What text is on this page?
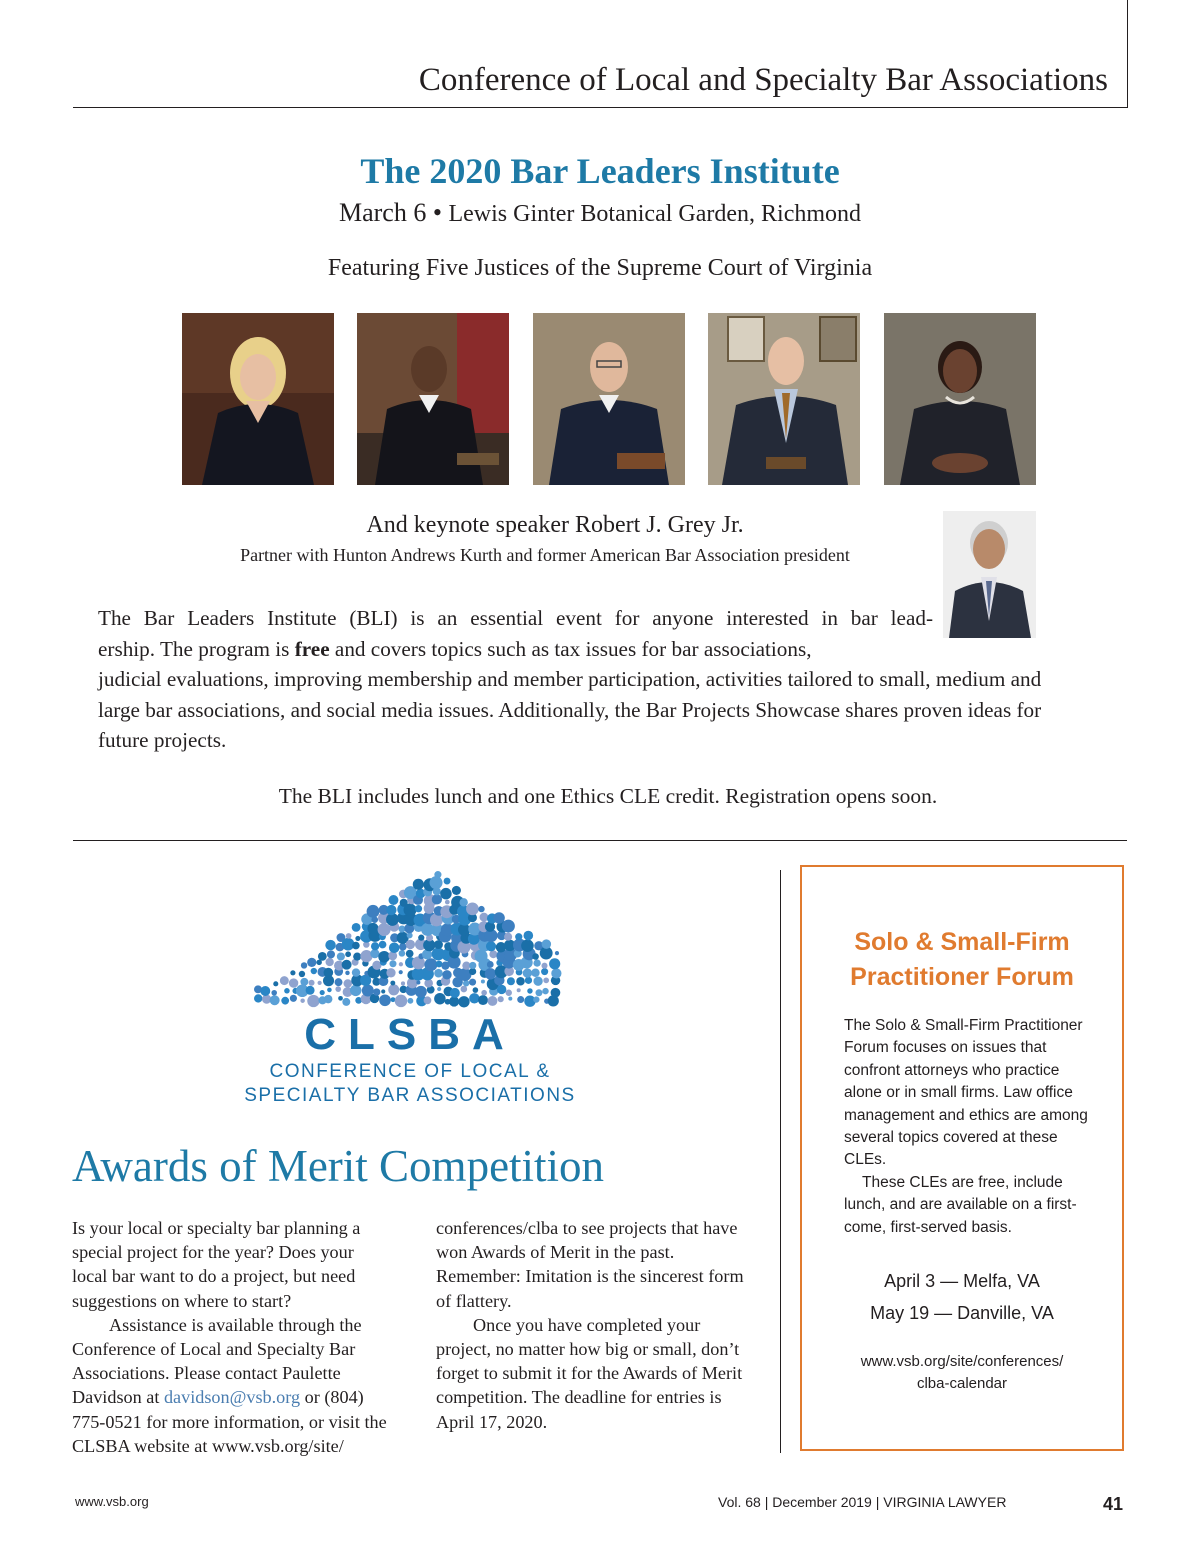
Conference of Local and Specialty Bar Associations
The 2020 Bar Leaders Institute
March 6 • Lewis Ginter Botanical Garden, Richmond
Featuring Five Justices of the Supreme Court of Virginia
And keynote speaker Robert J. Grey Jr.
Partner with Hunton Andrews Kurth and former American Bar Association president

The Bar Leaders Institute (BLI) is an essential event for anyone interested in bar lead-

ership. The program is free and covers topics such as tax issues for bar associations,

judicial evaluations, improving membership and member participation, activities tailored to small, medium and large bar associations, and social media issues. Additionally, the Bar Projects Showcase shares proven ideas for future projects.

The BLI includes lunch and one Ethics CLE credit. Registration opens soon.
CLSBA
CONFERENCE OF LOCAL &
SPECIALTY BAR ASSOCIATIONS
Awards of Merit Competition

Is your local or specialty bar planning a special project for the year? Does your local bar want to do a project, but need suggestions on where to start?

Assistance is available through the Conference of Local and Specialty Bar Associations. Please contact Paulette Davidson at davidson@vsb.org or (804) 775-0521 for more information, or visit the CLSBA website at www.vsb.org/site/

conferences/clba to see projects that have won Awards of Merit in the past. Remember: Imitation is the sincerest form of flattery.

Once you have completed your project, no matter how big or small, don’t forget to submit it for the Awards of Merit competition. The deadline for entries is April 17, 2020.

Solo & Small-Firm
Practitioner Forum

The Solo & Small-Firm Practitioner Forum focuses on issues that confront attorneys who practice alone or in small firms. Law office management and ethics are among several topics covered at these CLEs.

These CLEs are free, include lunch, and are available on a first-come, first-served basis.

April 3 — Melfa, VA
May 19 — Danville, VA
www.vsb.org/site/conferences/
clba-calendar
www.vsb.org	Vol. 68 | December 2019 | VIRGINIA LAWYER	41
